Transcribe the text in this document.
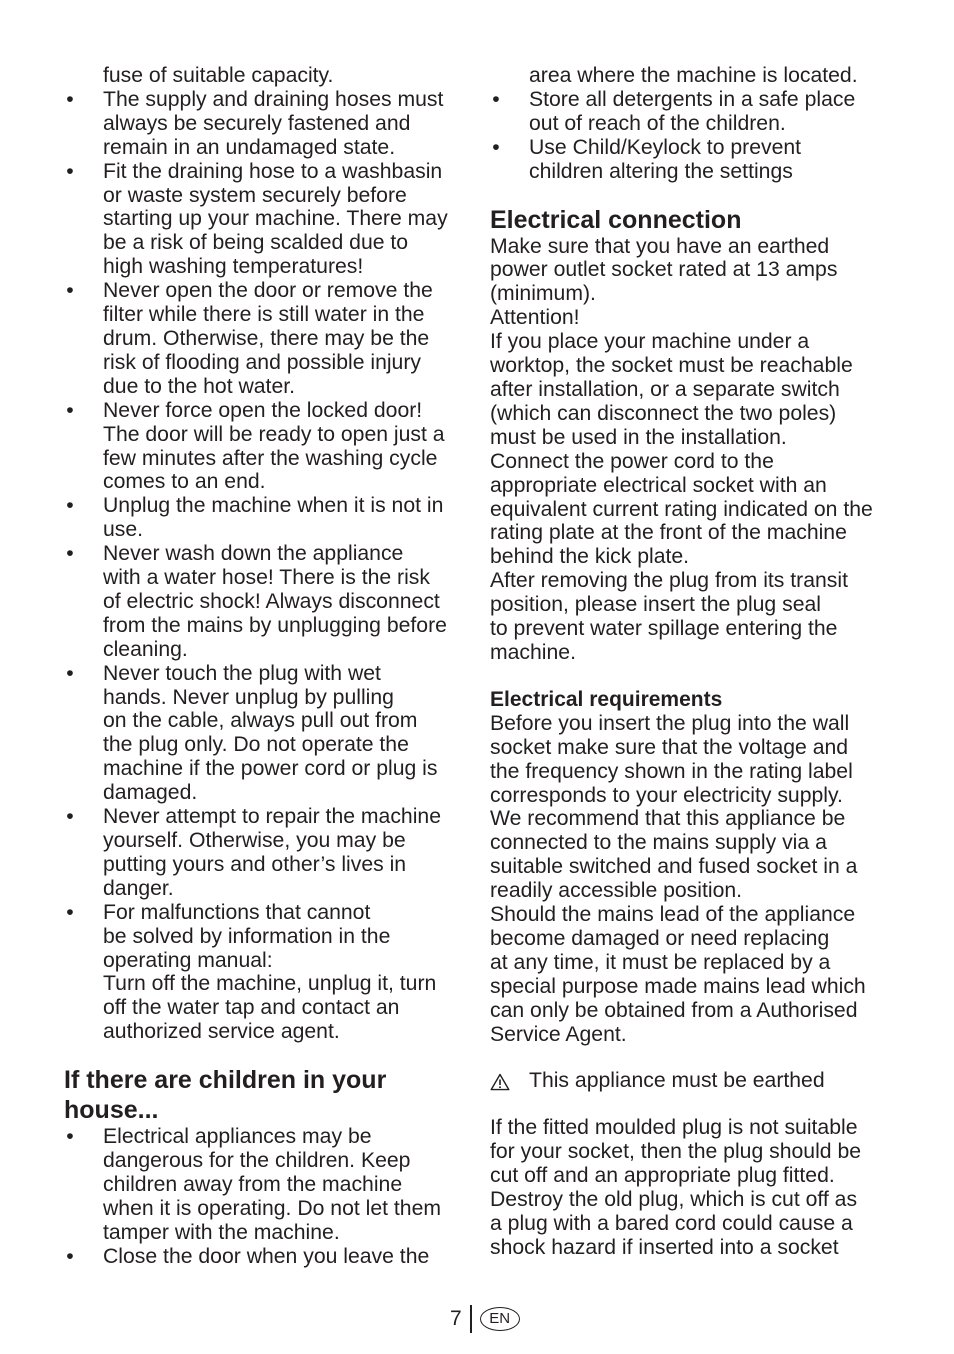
fuse of suitable capacity.
• The supply and draining hoses must
always be securely fastened and
remain in an undamaged state.
• Fit the draining hose to a washbasin
or waste system securely before
starting up your machine. There may
be a risk of being scalded due to
high washing temperatures!
• Never open the door or remove the
filter while there is still water in the
drum. Otherwise, there may be the
risk of flooding and possible injury
due to the hot water.
• Never force open the locked door!
The door will be ready to open just a
few minutes after the washing cycle
comes to an end.
• Unplug the machine when it is not in
use.
• Never wash down the appliance
with a water hose! There is the risk
of electric shock! Always disconnect
from the mains by unplugging before
cleaning.
• Never touch the plug with wet
hands. Never unplug by pulling
on the cable, always pull out from
the plug only. Do not operate the
machine if the power cord or plug is
damaged.
• Never attempt to repair the machine
yourself. Otherwise, you may be
putting yours and other’s lives in
danger.
• For malfunctions that cannot
be solved by information in the
operating manual:
Turn off the machine, unplug it, turn
off the water tap and contact an
authorized service agent.
If there are children in your
house...
• Electrical appliances may be
dangerous for the children. Keep
children away from the machine
when it is operating. Do not let them
tamper with the machine.
• Close the door when you leave the
area where the machine is located.
• Store all detergents in a safe place
out of reach of the children.
• Use Child/Keylock to prevent
children altering the settings
Electrical connection
Make sure that you have an earthed
power outlet socket rated at 13 amps
(minimum).
Attention!
If you place your machine under a
worktop, the socket must be reachable
after installation, or a separate switch
(which can disconnect the two poles)
must be used in the installation.
Connect the power cord to the
appropriate electrical socket with an
equivalent current rating indicated on the
rating plate at the front of the machine
behind the kick plate.
After removing the plug from its transit
position, please insert the plug seal
to prevent water spillage entering the
machine.
Electrical requirements
Before you insert the plug into the wall
socket make sure that the voltage and
the frequency shown in the rating label
corresponds to your electricity supply.
We recommend that this appliance be
connected to the mains supply via a
suitable switched and fused socket in a
readily accessible position.
Should the mains lead of the appliance
become damaged or need replacing
at any time, it must be replaced by a
special purpose made mains lead which
can only be obtained from a Authorised
Service Agent.
This appliance must be earthed
If the fitted moulded plug is not suitable
for your socket, then the plug should be
cut off and an appropriate plug fitted.
Destroy the old plug, which is cut off as
a plug with a bared cord could cause a
shock hazard if inserted into a socket
7	EN
